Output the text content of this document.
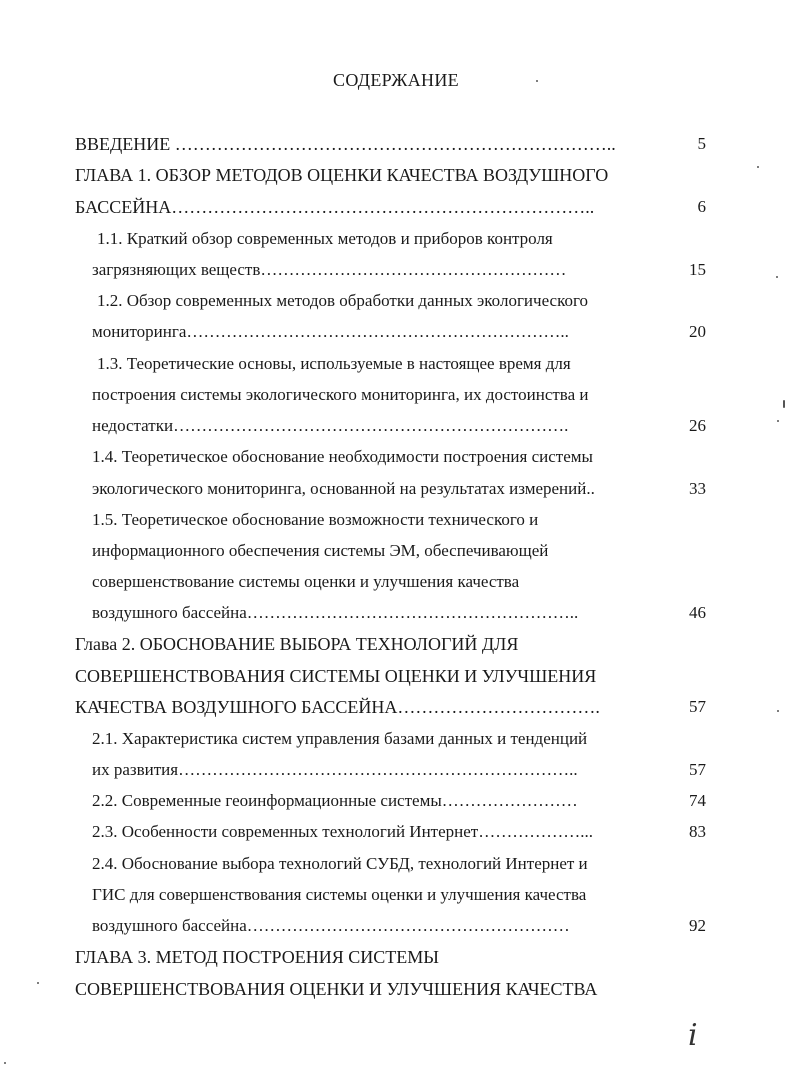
СОДЕРЖАНИЕ
ВВЕДЕНИЕ ………………………………………………………………..	5
ГЛАВА 1. ОБЗОР МЕТОДОВ ОЦЕНКИ КАЧЕСТВА ВОЗДУШНОГО
БАССЕЙНА……………………………………………………………..	6
1.1. Краткий обзор современных методов и приборов контроля
загрязняющих веществ………………………………………………	15
1.2. Обзор современных методов обработки данных экологического
мониторинга…………………………………………………………..	20
1.3. Теоретические основы, используемые в настоящее время для
построения системы экологического мониторинга, их достоинства и
недостатки…………………………………………………………….	26
1.4. Теоретическое обоснование необходимости построения системы
экологического мониторинга, основанной на результатах измерений..	33
1.5. Теоретическое обоснование возможности технического и
информационного обеспечения системы ЭМ, обеспечивающей
совершенствование системы оценки и улучшения качества
воздушного бассейна…………………………………………………..	46
Глава 2. ОБОСНОВАНИЕ ВЫБОРА ТЕХНОЛОГИЙ ДЛЯ
СОВЕРШЕНСТВОВАНИЯ СИСТЕМЫ ОЦЕНКИ И УЛУЧШЕНИЯ
КАЧЕСТВА ВОЗДУШНОГО БАССЕЙНА…………………………….	57
2.1. Характеристика систем управления базами данных и тенденций
их развития……………………………………………………………..	57
2.2. Современные геоинформационные системы……………………	74
2.3. Особенности современных технологий Интернет………………...	83
2.4. Обоснование выбора технологий СУБД, технологий Интернет и
ГИС для совершенствования системы оценки и улучшения качества
воздушного бассейна…………………………………………………	92
ГЛАВА 3. МЕТОД ПОСТРОЕНИЯ СИСТЕМЫ
СОВЕРШЕНСТВОВАНИЯ ОЦЕНКИ И УЛУЧШЕНИЯ КАЧЕСТВА
i
